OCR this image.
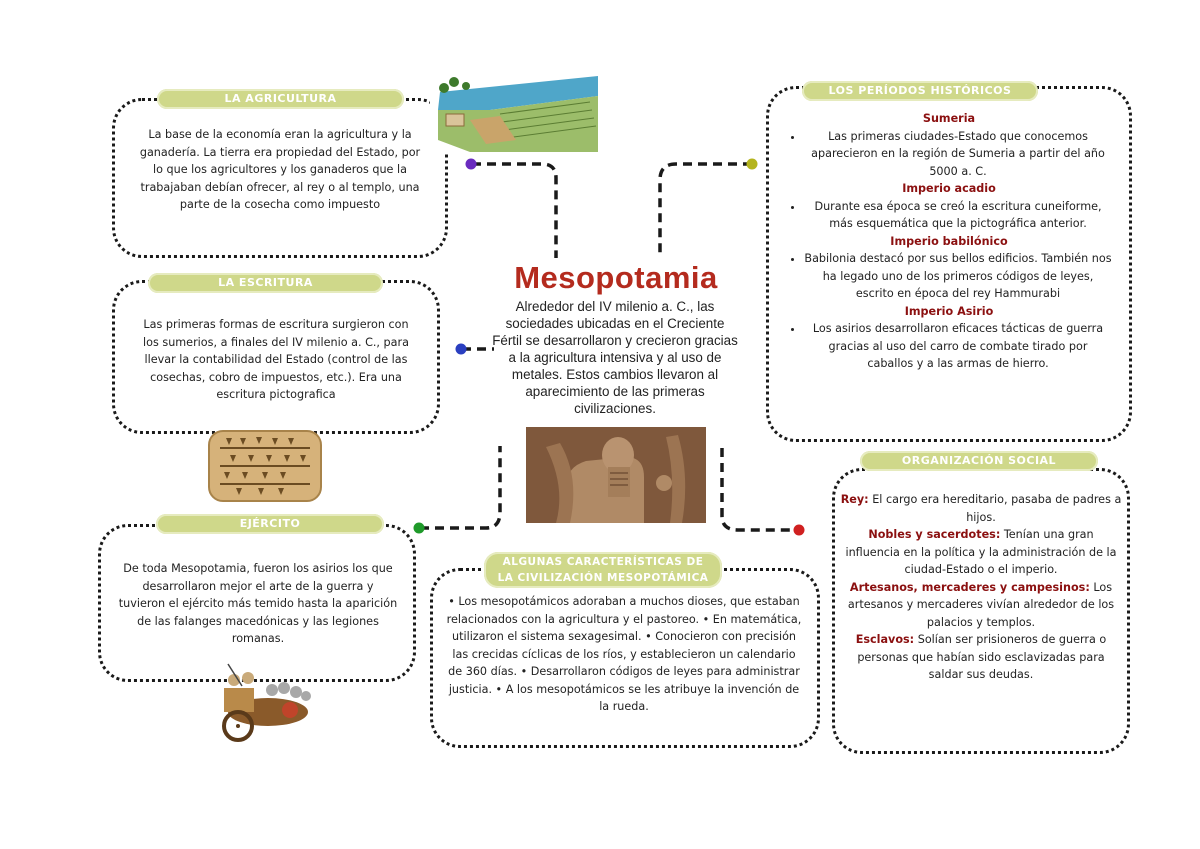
LA AGRICULTURA
La base de la economía eran la agricultura y la ganadería. La tierra era propiedad del Estado, por lo que los agricultores y los ganaderos que la trabajaban debían ofrecer, al rey o al templo, una parte de la cosecha como impuesto
LA ESCRITURA
Las primeras formas de escritura surgieron con los sumerios, a finales del IV milenio a. C., para llevar la contabilidad del Estado (control de las cosechas, cobro de impuestos, etc.). Era una escritura pictografica
EJÉRCITO
De toda Mesopotamia, fueron los asirios los que desarrollaron mejor el arte de la guerra y tuvieron el ejército más temido hasta la aparición de las falanges macedónicas y las legiones romanas.
Mesopotamia
Alrededor del IV milenio a. C., las sociedades ubicadas en el Creciente Fértil se desarrollaron y crecieron gracias a la agricultura intensiva y al uso de metales. Estos cambios llevaron al aparecimiento de las primeras civilizaciones.
ALGUNAS CARACTERÍSTICAS DE
LA CIVILIZACIÓN MESOPOTÁMICA
• Los mesopotámicos adoraban a muchos dioses, que estaban relacionados con la agricultura y el pastoreo. • En matemática, utilizaron el sistema sexagesimal. • Conocieron con precisión las crecidas cíclicas de los ríos, y establecieron un calendario de 360 días. • Desarrollaron códigos de leyes para administrar justicia. • A los mesopotámicos se les atribuye la invención de la rueda.
LOS PERÍODOS HISTÓRICOS
Sumeria
• Las primeras ciudades-Estado que conocemos aparecieron en la región de Sumeria a partir del año 5000 a. C.
Imperio acadio
• Durante esa época se creó la escritura cuneiforme, más esquemática que la pictográfica anterior.
Imperio babilónico
• Babilonia destacó por sus bellos edificios. También nos ha legado uno de los primeros códigos de leyes, escrito en época del rey Hammurabi
Imperio Asirio
• Los asirios desarrollaron eficaces tácticas de guerra gracias al uso del carro de combate tirado por caballos y a las armas de hierro.
ORGANIZACIÓN SOCIAL
Rey: El cargo era hereditario, pasaba de padres a hijos.
Nobles y sacerdotes: Tenían una gran influencia en la política y la administración de la ciudad-Estado o el imperio.
Artesanos, mercaderes y campesinos: Los artesanos y mercaderes vivían alrededor de los palacios y templos.
Esclavos: Solían ser prisioneros de guerra o personas que habían sido esclavizadas para saldar sus deudas.
